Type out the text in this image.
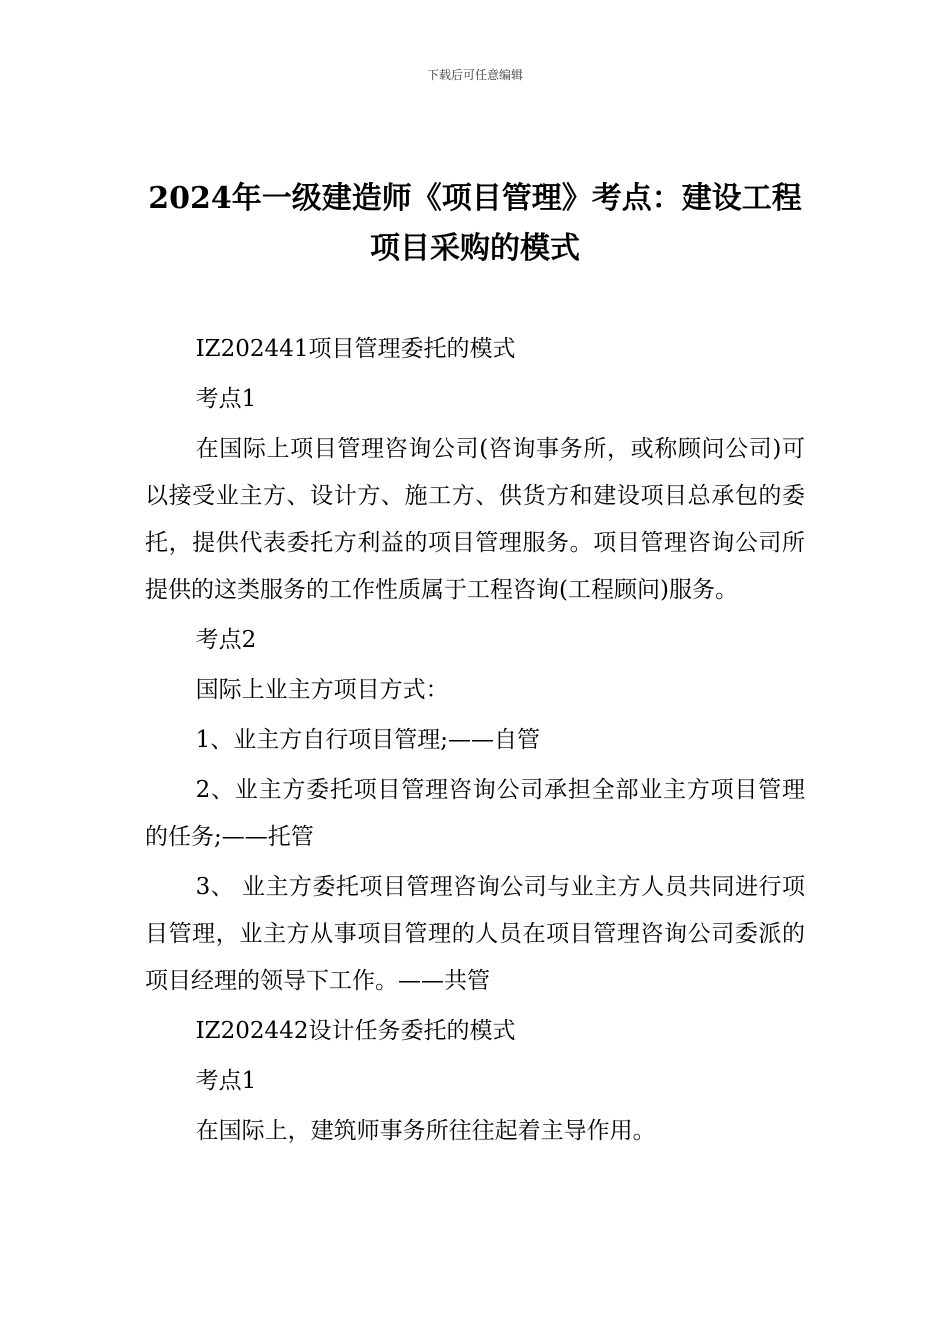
下载后可任意编辑
2024年一级建造师《项目管理》考点：建设工程项目采购的模式

IZ202441项目管理委托的模式

考点1

在国际上项目管理咨询公司(咨询事务所，或称顾问公司)可以接受业主方、设计方、施工方、供货方和建设项目总承包的委托，提供代表委托方利益的项目管理服务。项目管理咨询公司所提供的这类服务的工作性质属于工程咨询(工程顾问)服务。

考点2

国际上业主方项目方式：

1、业主方自行项目管理;——自管

2、业主方委托项目管理咨询公司承担全部业主方项目管理的任务;——托管

3、 业主方委托项目管理咨询公司与业主方人员共同进行项目管理，业主方从事项目管理的人员在项目管理咨询公司委派的项目经理的领导下工作。——共管

IZ202442设计任务委托的模式

考点1

在国际上，建筑师事务所往往起着主导作用。
